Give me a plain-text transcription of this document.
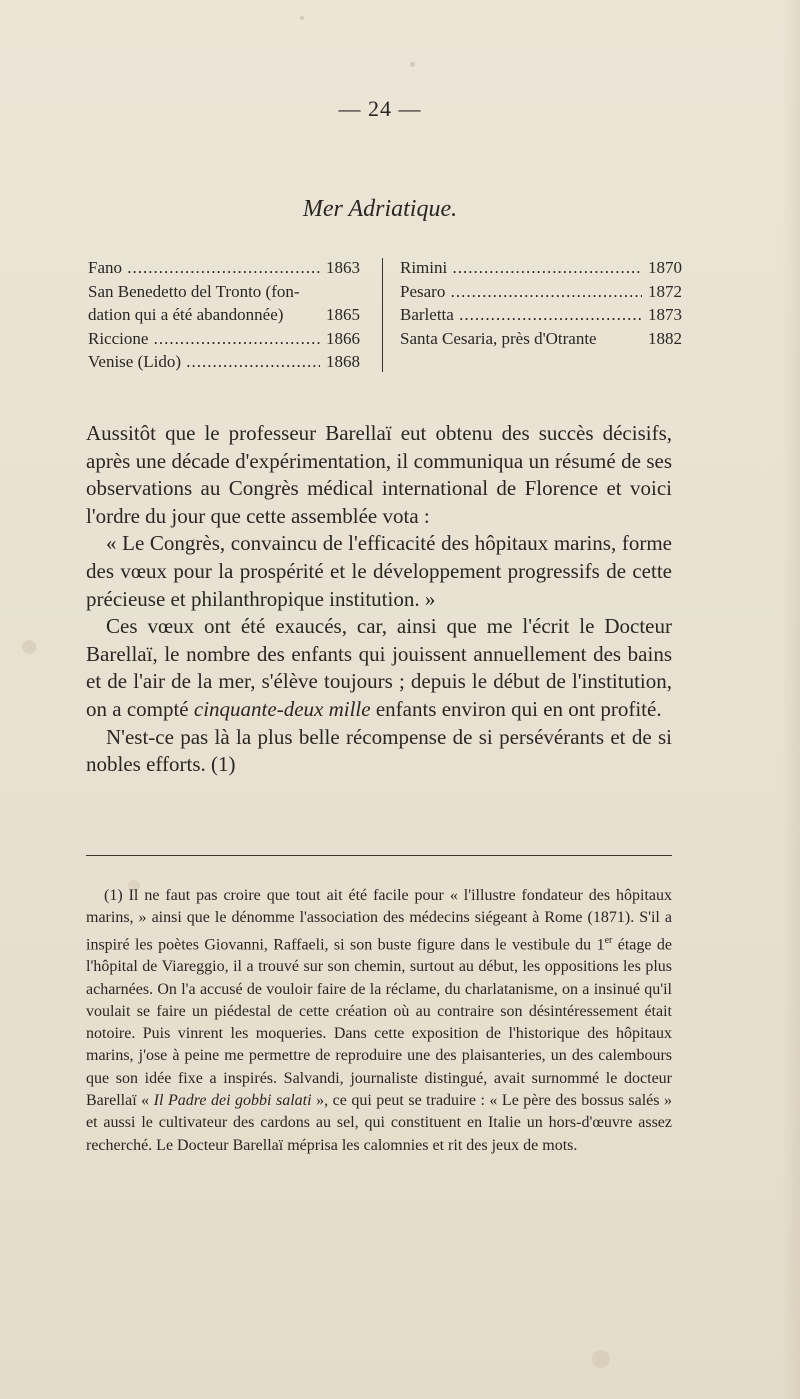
— 24 —
Mer Adriatique.
Fano .....	1863
San Benedetto del Tronto (fon-
dation qui a été abandonnée)	1865
Riccione .....	1866
Venise (Lido) .....	1868
Rimini .....	1870
Pesaro .....	1872
Barletta .....	1873
Santa Cesaria, près d'Otrante	1882

Aussitôt que le professeur Barellaï eut obtenu des succès décisifs, après une décade d'expérimentation, il communiqua un résumé de ses observations au Congrès médical international de Florence et voici l'ordre du jour que cette assemblée vota :

« Le Congrès, convaincu de l'efficacité des hôpitaux marins, forme des vœux pour la prospérité et le développement progressifs de cette précieuse et philanthropique institution. »

Ces vœux ont été exaucés, car, ainsi que me l'écrit le Docteur Barellaï, le nombre des enfants qui jouissent annuellement des bains et de l'air de la mer, s'élève toujours ; depuis le début de l'institution, on a compté cinquante-deux mille enfants environ qui en ont profité.

N'est-ce pas là la plus belle récompense de si persévérants et de si nobles efforts. (1)

(1) Il ne faut pas croire que tout ait été facile pour « l'illustre fondateur des hôpitaux marins, » ainsi que le dénomme l'association des médecins siégeant à Rome (1871). S'il a inspiré les poètes Giovanni, Raffaeli, si son buste figure dans le vestibule du 1er étage de l'hôpital de Viareggio, il a trouvé sur son chemin, surtout au début, les oppositions les plus acharnées. On l'a accusé de vouloir faire de la réclame, du charlatanisme, on a insinué qu'il voulait se faire un piédestal de cette création où au contraire son désintéressement était notoire. Puis vinrent les moqueries. Dans cette exposition de l'historique des hôpitaux marins, j'ose à peine me permettre de reproduire une des plaisanteries, un des calembours que son idée fixe a inspirés. Salvandi, journaliste distingué, avait surnommé le docteur Barellaï « Il Padre dei gobbi salati », ce qui peut se traduire : « Le père des bossus salés » et aussi le cultivateur des cardons au sel, qui constituent en Italie un hors-d'œuvre assez recherché. Le Docteur Barellaï méprisa les calomnies et rit des jeux de mots.
